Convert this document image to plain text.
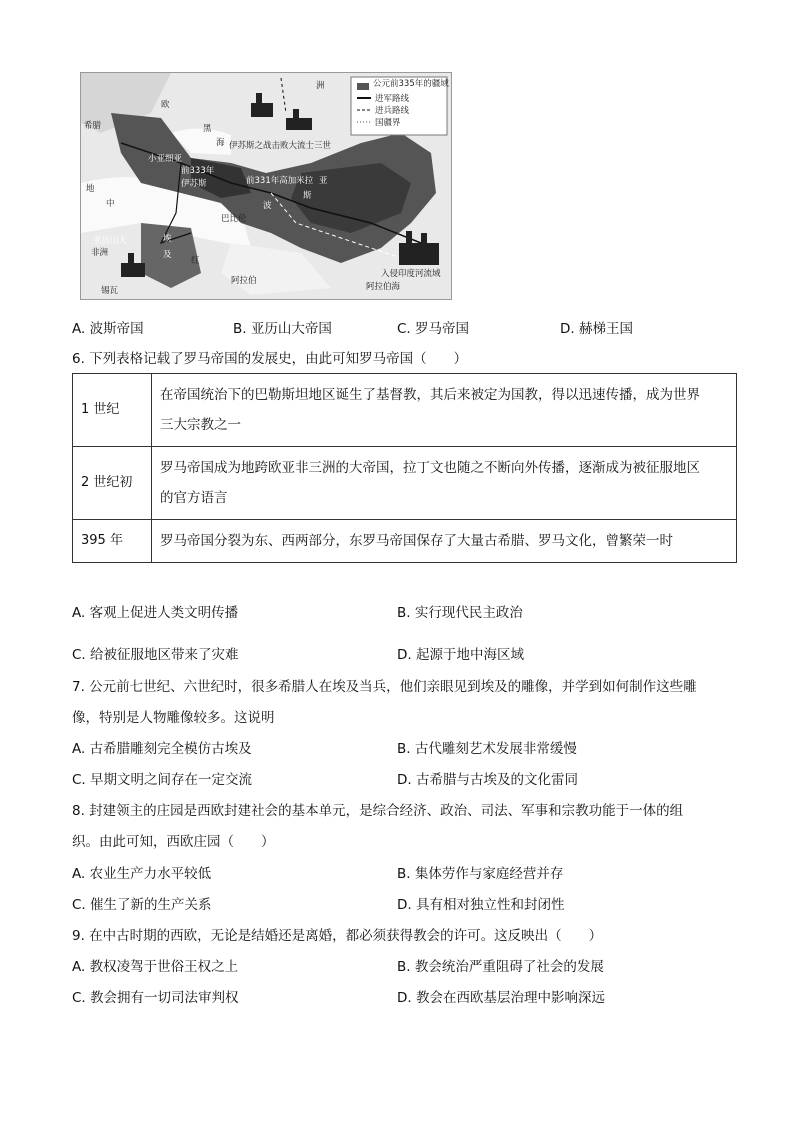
公元前335年的疆域
进军路线
进兵路线
国疆界
欧
洲
黑
海
希腊
伊苏斯之战击败大流士三世
小亚细亚
前333年
伊苏斯
地
中
前331年高加米拉
巴比伦
波
斯
亚
亚历山大	埃
及
红
非洲
阿拉伯
阿拉伯海
入侵印度河流域
锡瓦
A. 波斯帝国	B. 亚历山大帝国	C. 罗马帝国	D. 赫梯王国
6. 下列表格记载了罗马帝国的发展史，由此可知罗马帝国（　　）
1 世纪	在帝国统治下的巴勒斯坦地区诞生了基督教，其后来被定为国教，得以迅速传播，成为世界
三大宗教之一
2 世纪初	罗马帝国成为地跨欧亚非三洲的大帝国，拉丁文也随之不断向外传播，逐渐成为被征服地区
的官方语言
395 年	罗马帝国分裂为东、西两部分，东罗马帝国保存了大量古希腊、罗马文化，曾繁荣一时
A. 客观上促进人类文明传播	B. 实行现代民主政治
C. 给被征服地区带来了灾难	D. 起源于地中海区域
7. 公元前七世纪、六世纪时，很多希腊人在埃及当兵，他们亲眼见到埃及的雕像，并学到如何制作这些雕
像，特别是人物雕像较多。这说明
A. 古希腊雕刻完全模仿古埃及	B. 古代雕刻艺术发展非常缓慢
C. 早期文明之间存在一定交流	D. 古希腊与古埃及的文化雷同
8. 封建领主的庄园是西欧封建社会的基本单元，是综合经济、政治、司法、军事和宗教功能于一体的组
织。由此可知，西欧庄园（　　）
A. 农业生产力水平较低	B. 集体劳作与家庭经营并存
C. 催生了新的生产关系	D. 具有相对独立性和封闭性
9. 在中古时期的西欧，无论是结婚还是离婚，都必须获得教会的许可。这反映出（　　）
A. 教权凌驾于世俗王权之上	B. 教会统治严重阻碍了社会的发展
C. 教会拥有一切司法审判权	D. 教会在西欧基层治理中影响深远
